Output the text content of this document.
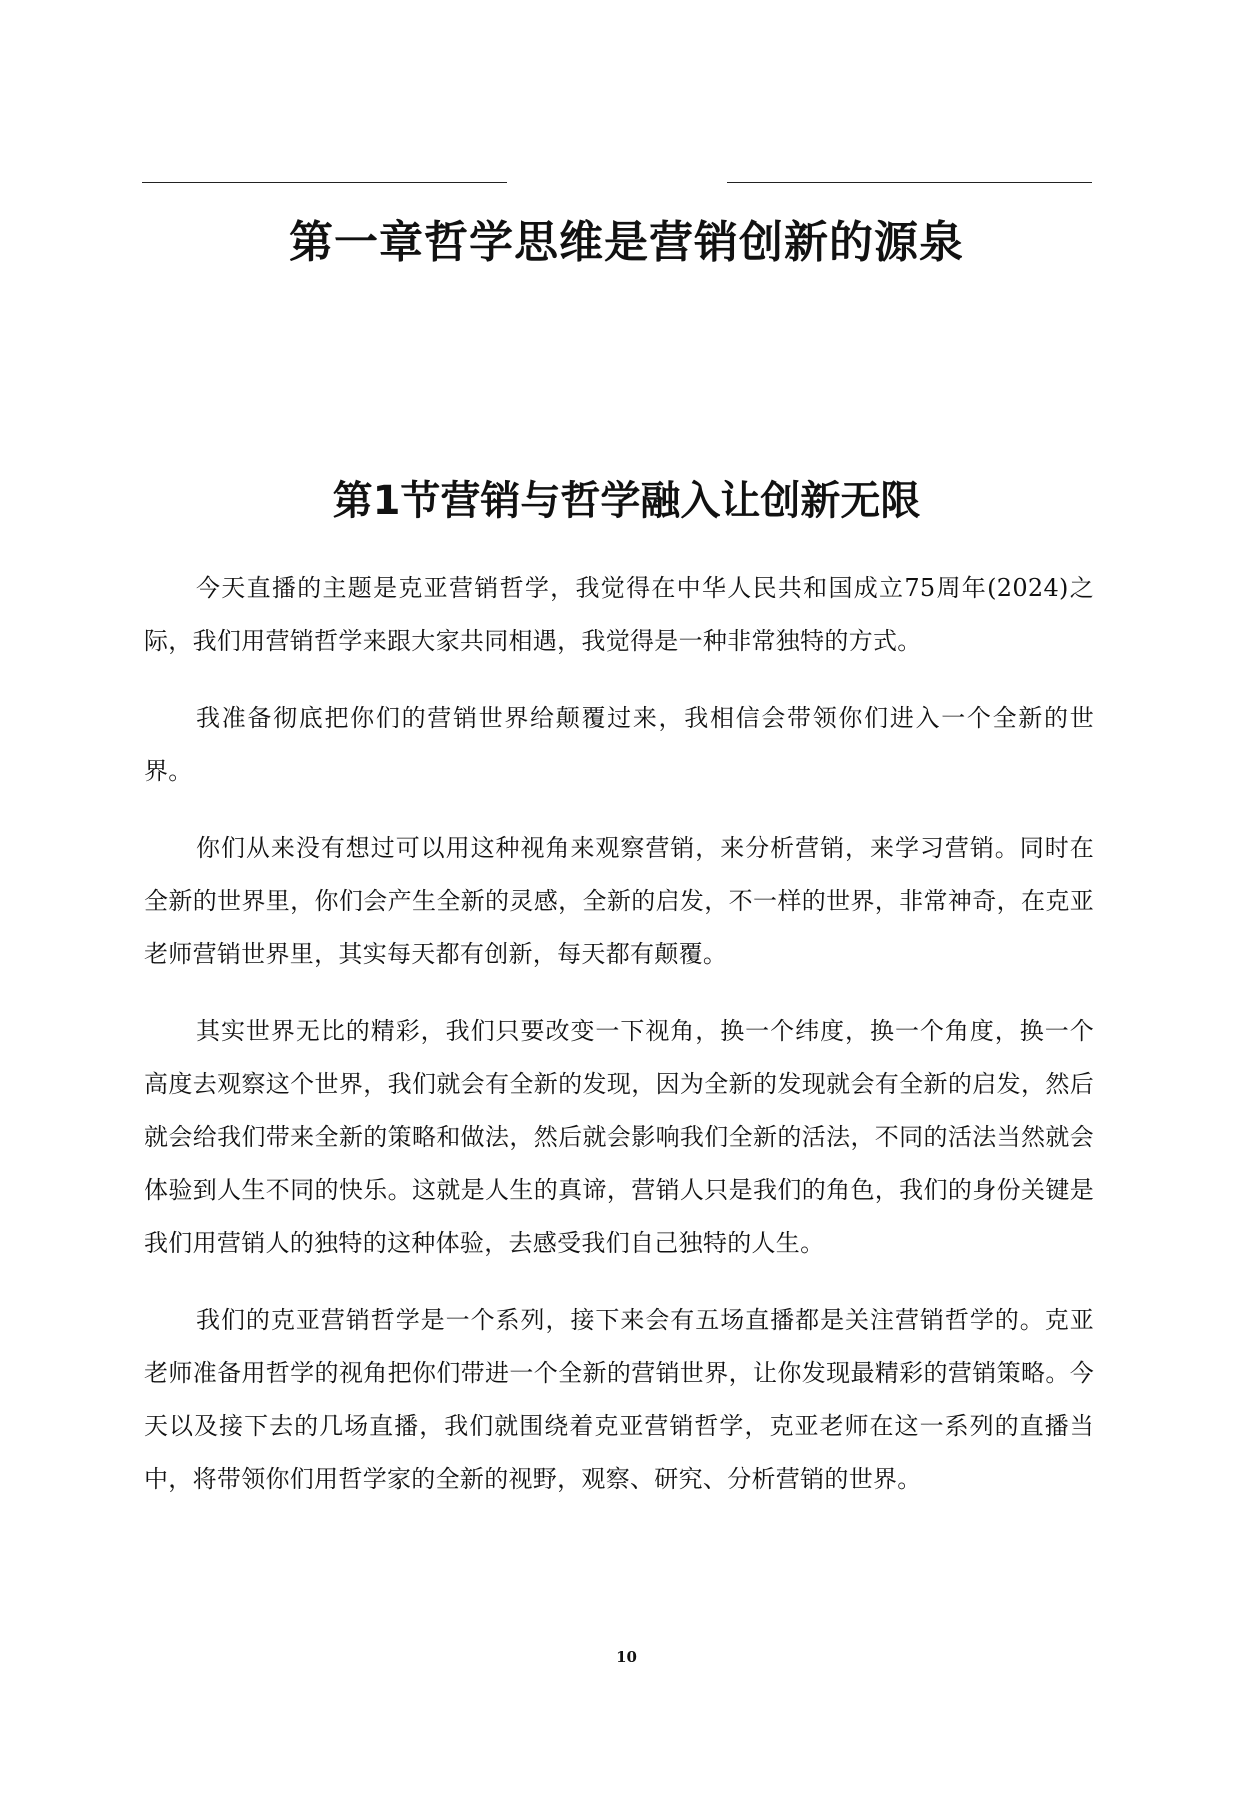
第一章哲学思维是营销创新的源泉
第1节营销与哲学融入让创新无限

今天直播的主题是克亚营销哲学，我觉得在中华人民共和国成立75周年(2024)之际，我们用营销哲学来跟大家共同相遇，我觉得是一种非常独特的方式。

我准备彻底把你们的营销世界给颠覆过来，我相信会带领你们进入一个全新的世界。

你们从来没有想过可以用这种视角来观察营销，来分析营销，来学习营销。同时在全新的世界里，你们会产生全新的灵感，全新的启发，不一样的世界，非常神奇，在克亚老师营销世界里，其实每天都有创新，每天都有颠覆。

其实世界无比的精彩，我们只要改变一下视角，换一个纬度，换一个角度，换一个高度去观察这个世界，我们就会有全新的发现，因为全新的发现就会有全新的启发，然后就会给我们带来全新的策略和做法，然后就会影响我们全新的活法，不同的活法当然就会体验到人生不同的快乐。这就是人生的真谛，营销人只是我们的角色，我们的身份关键是我们用营销人的独特的这种体验，去感受我们自己独特的人生。

我们的克亚营销哲学是一个系列，接下来会有五场直播都是关注营销哲学的。克亚老师准备用哲学的视角把你们带进一个全新的营销世界，让你发现最精彩的营销策略。今天以及接下去的几场直播，我们就围绕着克亚营销哲学，克亚老师在这一系列的直播当中，将带领你们用哲学家的全新的视野，观察、研究、分析营销的世界。

10
